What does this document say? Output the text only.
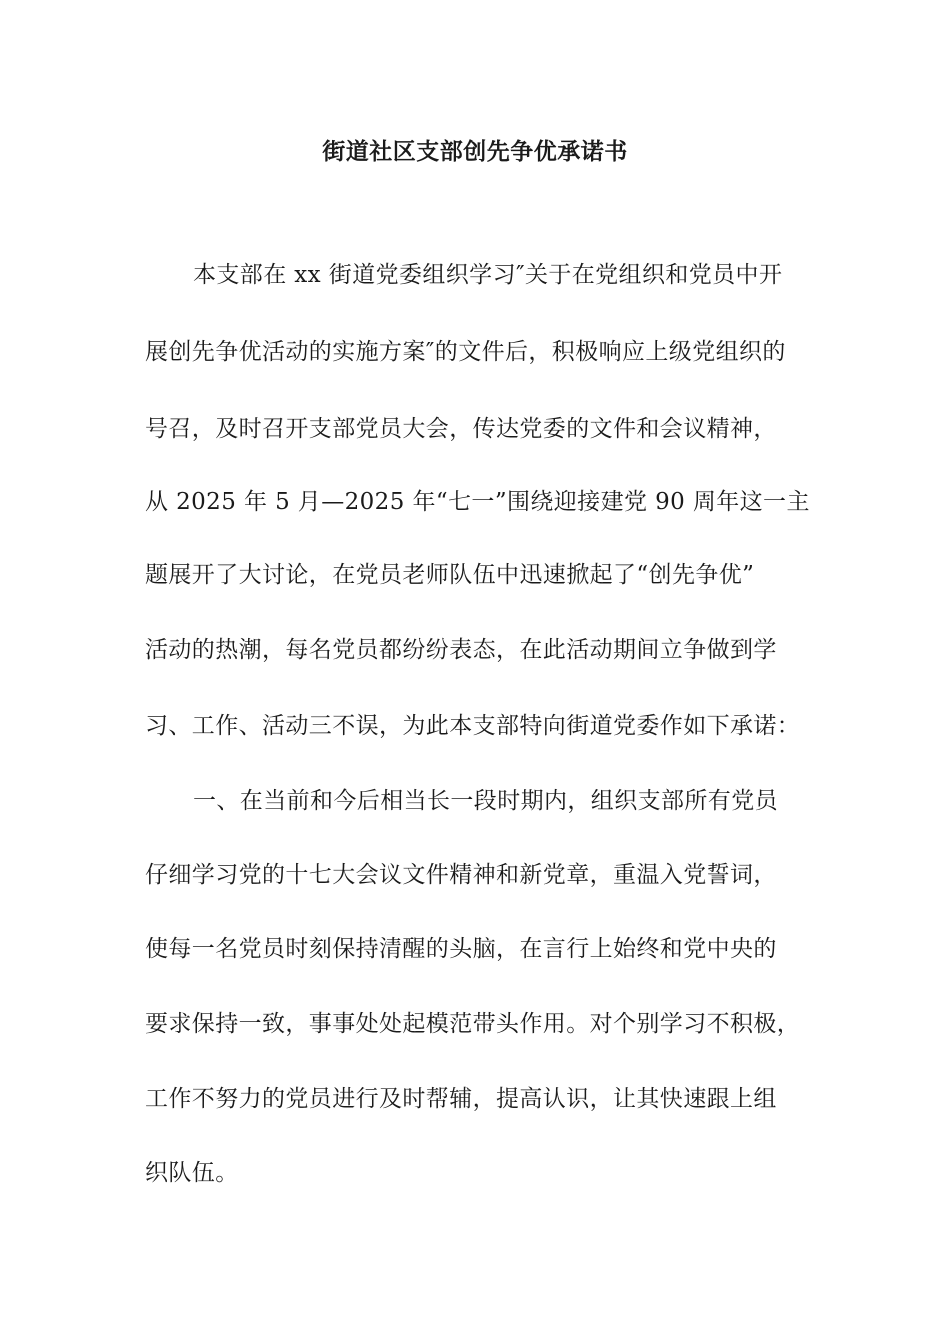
街道社区支部创先争优承诺书
本支部在 xx 街道党委组织学习″关于在党组织和党员中开
展创先争优活动的实施方案″的文件后，积极响应上级党组织的
号召，及时召开支部党员大会，传达党委的文件和会议精神，
从 2025 年 5 月—2025 年“七一”围绕迎接建党 90 周年这一主
题展开了大讨论，在党员老师队伍中迅速掀起了“创先争优”
活动的热潮，每名党员都纷纷表态，在此活动期间立争做到学
习、工作、活动三不误，为此本支部特向街道党委作如下承诺：
一、在当前和今后相当长一段时期内，组织支部所有党员
仔细学习党的十七大会议文件精神和新党章，重温入党誓词，
使每一名党员时刻保持清醒的头脑，在言行上始终和党中央的
要求保持一致，事事处处起模范带头作用。对个别学习不积极，
工作不努力的党员进行及时帮辅，提高认识，让其快速跟上组
织队伍。
